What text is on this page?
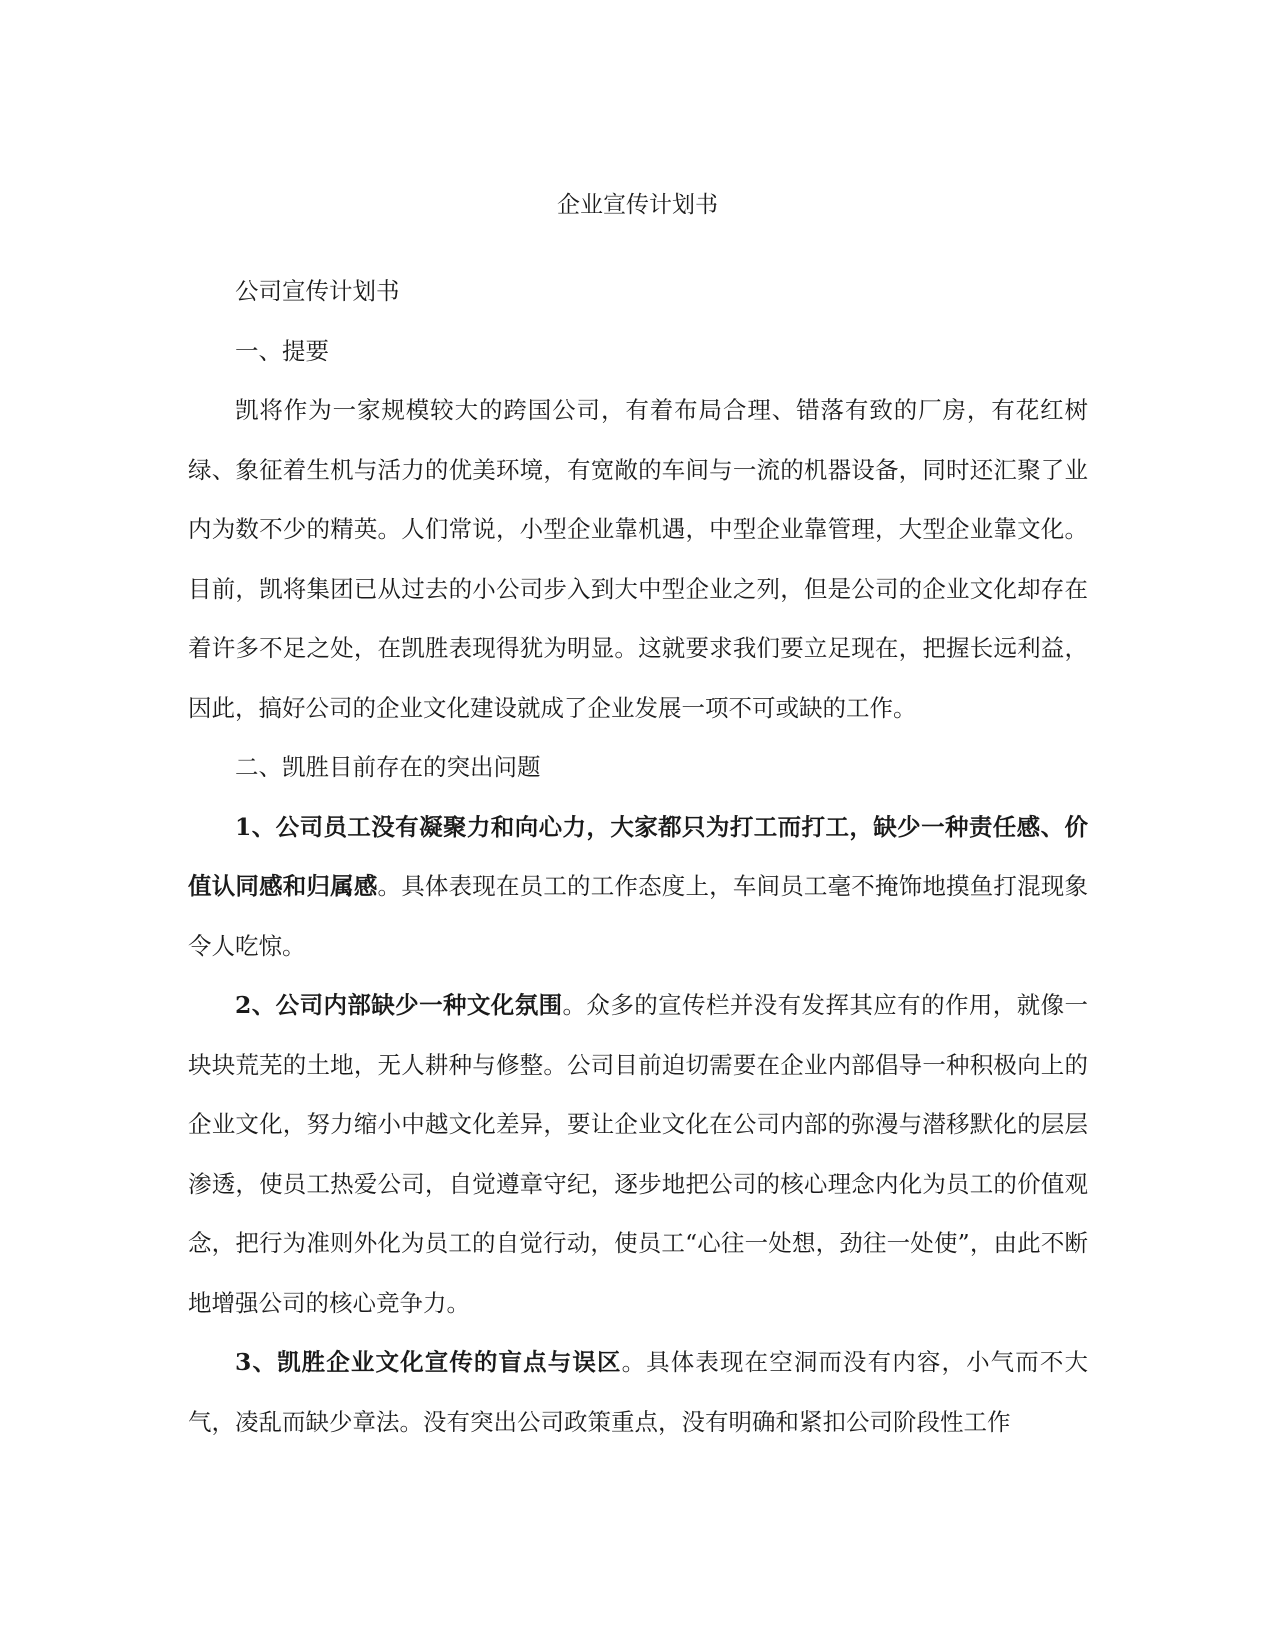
企业宣传计划书

公司宣传计划书

一、提要

凯将作为一家规模较大的跨国公司，有着布局合理、错落有致的厂房，有花红树绿、象征着生机与活力的优美环境，有宽敞的车间与一流的机器设备，同时还汇聚了业内为数不少的精英。人们常说，小型企业靠机遇，中型企业靠管理，大型企业靠文化。目前，凯将集团已从过去的小公司步入到大中型企业之列，但是公司的企业文化却存在着许多不足之处，在凯胜表现得犹为明显。这就要求我们要立足现在，把握长远利益，因此，搞好公司的企业文化建设就成了企业发展一项不可或缺的工作。

二、凯胜目前存在的突出问题

1、公司员工没有凝聚力和向心力，大家都只为打工而打工，缺少一种责任感、价值认同感和归属感。具体表现在员工的工作态度上，车间员工毫不掩饰地摸鱼打混现象令人吃惊。

2、公司内部缺少一种文化氛围。众多的宣传栏并没有发挥其应有的作用，就像一块块荒芜的土地，无人耕种与修整。公司目前迫切需要在企业内部倡导一种积极向上的企业文化，努力缩小中越文化差异，要让企业文化在公司内部的弥漫与潜移默化的层层渗透，使员工热爱公司，自觉遵章守纪，逐步地把公司的核心理念内化为员工的价值观念，把行为准则外化为员工的自觉行动，使员工“心往一处想，劲往一处使”，由此不断地增强公司的核心竞争力。

3、凯胜企业文化宣传的盲点与误区。具体表现在空洞而没有内容，小气而不大气，凌乱而缺少章法。没有突出公司政策重点，没有明确和紧扣公司阶段性工作
